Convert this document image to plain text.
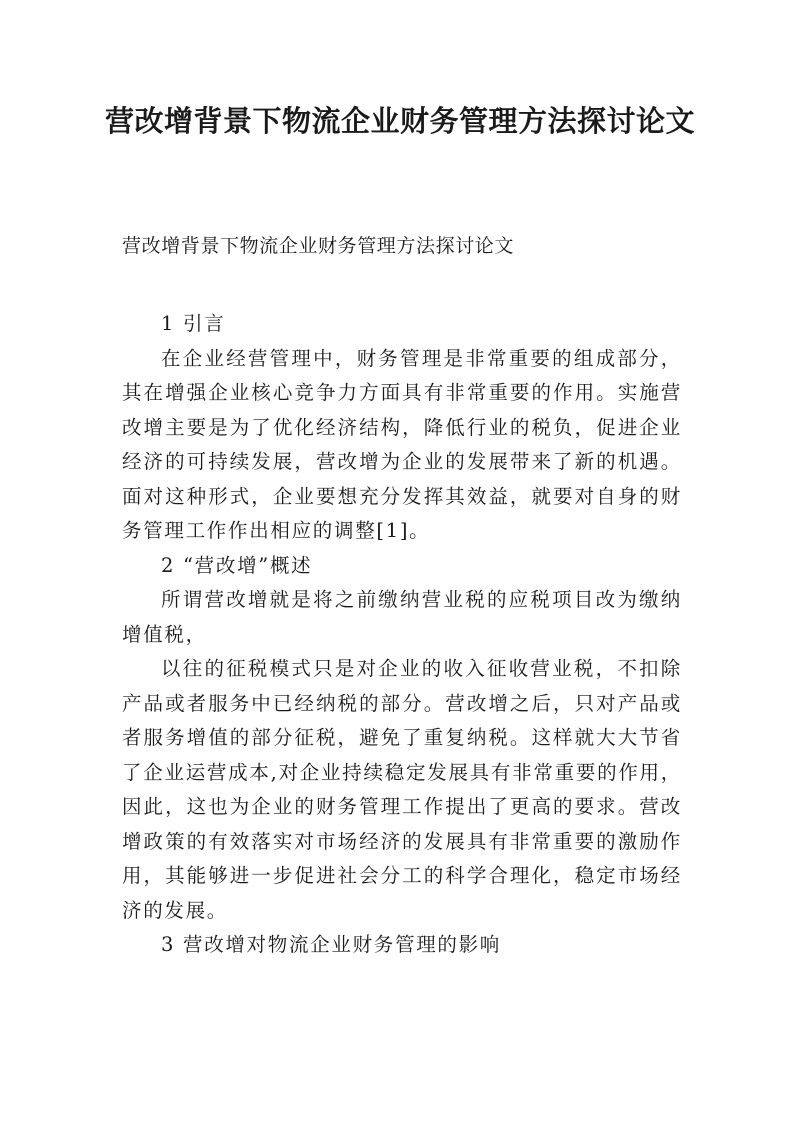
营改增背景下物流企业财务管理方法探讨论文

营改增背景下物流企业财务管理方法探讨论文

1 引言

在企业经营管理中，财务管理是非常重要的组成部分，其在增强企业核心竞争力方面具有非常重要的作用。实施营改增主要是为了优化经济结构，降低行业的税负，促进企业经济的可持续发展，营改增为企业的发展带来了新的机遇。面对这种形式，企业要想充分发挥其效益，就要对自身的财务管理工作作出相应的调整[1]。

2 “营改增”概述

所谓营改增就是将之前缴纳营业税的应税项目改为缴纳增值税，

以往的征税模式只是对企业的收入征收营业税，不扣除产品或者服务中已经纳税的部分。营改增之后，只对产品或者服务增值的部分征税，避免了重复纳税。这样就大大节省了企业运营成本,对企业持续稳定发展具有非常重要的作用，因此，这也为企业的财务管理工作提出了更高的要求。营改增政策的有效落实对市场经济的发展具有非常重要的激励作用，其能够进一步促进社会分工的科学合理化，稳定市场经济的发展。

3 营改增对物流企业财务管理的影响
